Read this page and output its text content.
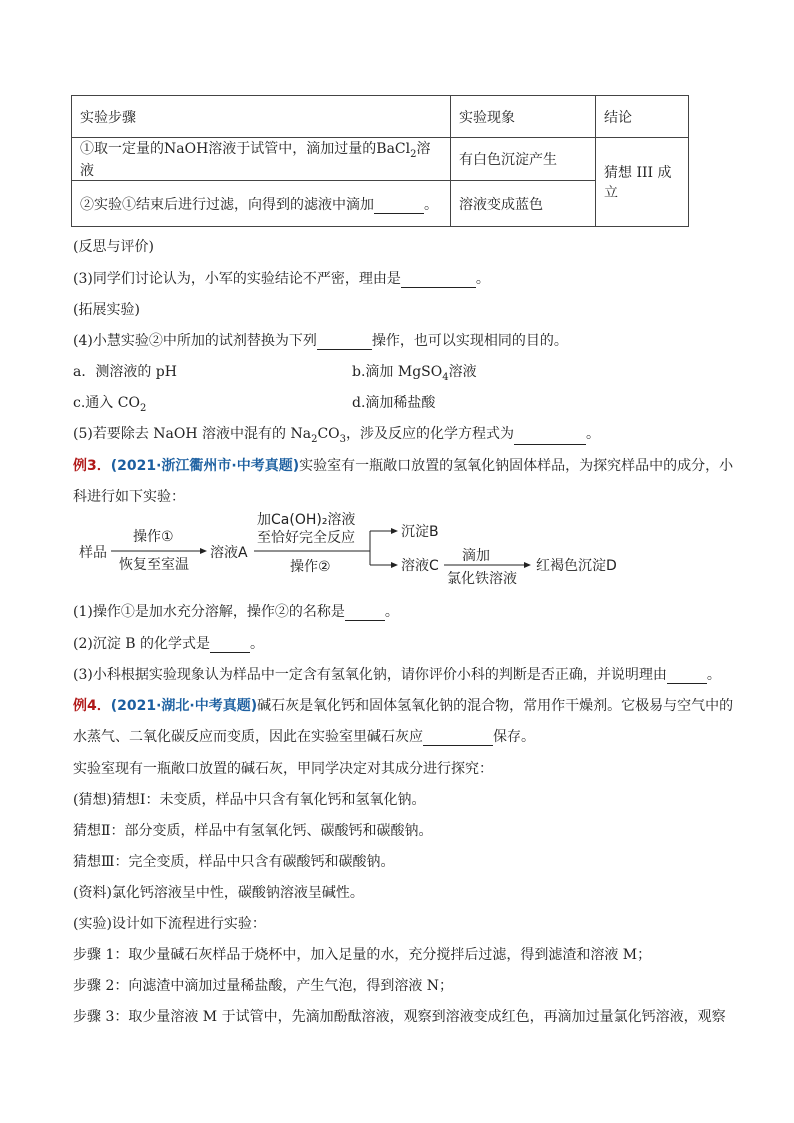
实验步骤	实验现象	结论
①取一定量的NaOH溶液于试管中，滴加过量的BaCl$_2$溶液	有白色沉淀产生	猜想 III 成立
②实验①结束后进行过滤，向得到的滤液中滴加 。	溶液变成蓝色	
(反思与评价)
(3)同学们讨论认为，小军的实验结论不严密，理由是	。
(拓展实验)
(4)小慧实验②中所加的试剂替换为下列	操作，也可以实现相同的目的。
a．测溶液的 pH	b.滴加 MgSO$_4$溶液
c.通入 $CO_2$	d.滴加稀盐酸
(5)若要除去 NaOH 溶液中混有的 $Na_2CO_3$，涉及反应的化学方程式为	。
例3．(2021·浙江衢州市·中考真题)实验室有一瓶敞口放置的氢氧化钠固体样品，为探究样品中的成分，小
科进行如下实验：
样品
操作①
恢复至室温
溶液A
加Ca(OH)₂溶液
至恰好完全反应
操作②
沉淀B
溶液C
滴加
氯化铁溶液
红褐色沉淀D
(1)操作①是加水充分溶解，操作②的名称是	。
(2)沉淀 B 的化学式是	。
(3)小科根据实验现象认为样品中一定含有氢氧化钠，请你评价小科的判断是否正确，并说明理由	。
例4．(2021·湖北·中考真题)碱石灰是氧化钙和固体氢氧化钠的混合物，常用作干燥剂。它极易与空气中的
水蒸气、二氧化碳反应而变质，因此在实验室里碱石灰应	保存。
实验室现有一瓶敞口放置的碱石灰，甲同学决定对其成分进行探究：
(猜想)猜想Ⅰ：未变质，样品中只含有氧化钙和氢氧化钠。
猜想Ⅱ：部分变质，样品中有氢氧化钙、碳酸钙和碳酸钠。
猜想Ⅲ：完全变质，样品中只含有碳酸钙和碳酸钠。
(资料)氯化钙溶液呈中性，碳酸钠溶液呈碱性。
(实验)设计如下流程进行实验：
步骤 1：取少量碱石灰样品于烧杯中，加入足量的水，充分搅拌后过滤，得到滤渣和溶液 M；
步骤 2：向滤渣中滴加过量稀盐酸，产生气泡，得到溶液 N；
步骤 3：取少量溶液 M 于试管中，先滴加酚酞溶液，观察到溶液变成红色，再滴加过量氯化钙溶液，观察
